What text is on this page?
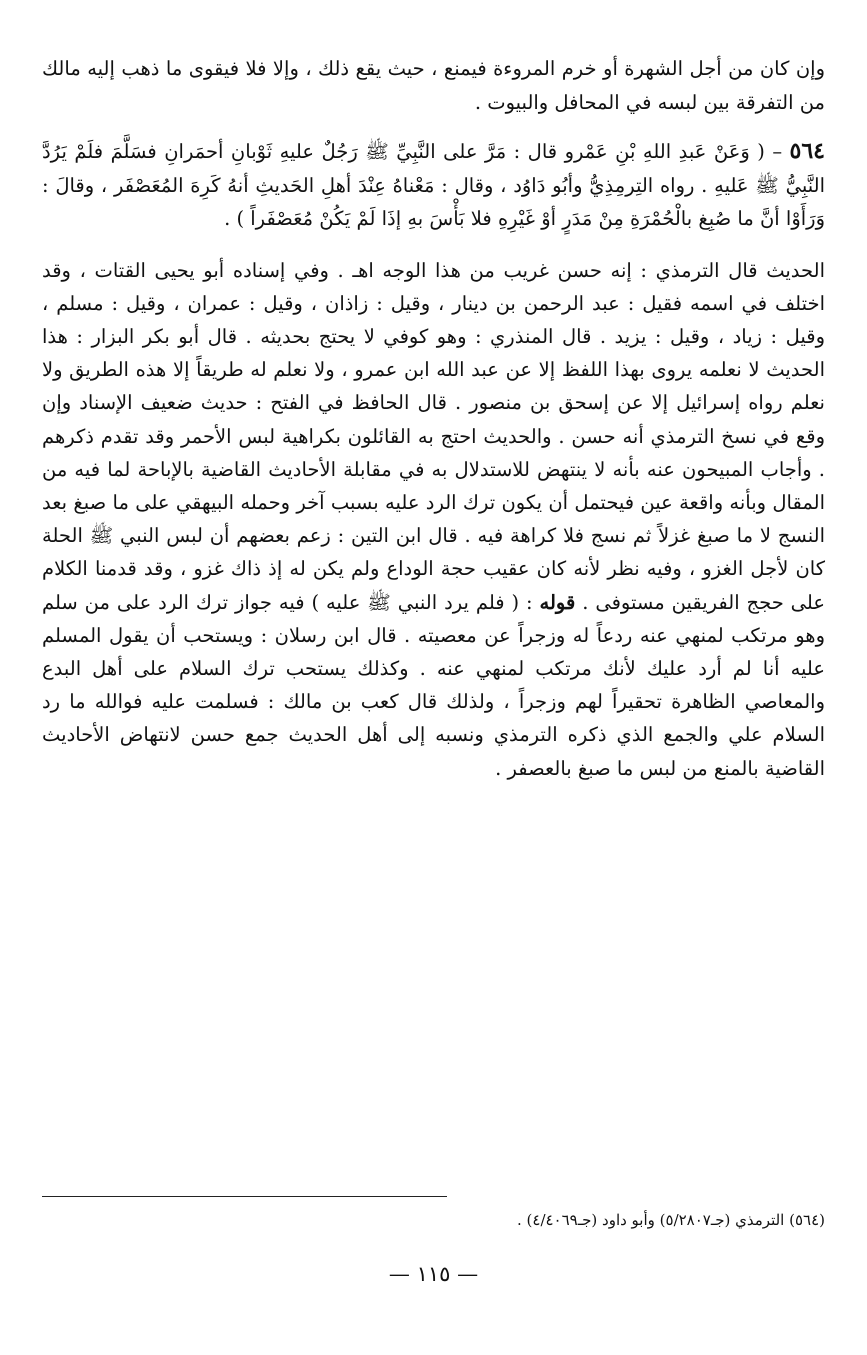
وإن كان من أجل الشهرة أو خرم المروءة فيمنع ، حيث يقع ذلك ، وإلا فلا فيقوى ما ذهب إليه مالك من التفرقة بين لبسه في المحافل والبيوت .

٥٦٤ – ( وَعَنْ عَبدِ اللهِ بْنِ عَمْرو قال : مَرَّ على النَّبِيِّ ﷺ رَجُلٌ عليهِ ثَوْبانِ أحمَرانِ فسَلَّمَ فلَمْ يَرُدَّ النَّبِيُّ ﷺ عَليهِ . رواه التِرمِذِيُّ وأبُو دَاوُد ، وقال : مَعْناهُ عِنْدَ أهلِ الحَديثِ أنهُ كَرِهَ المُعَصْفَر ، وقالَ : وَرَأَوْا أنَّ ما صُبِغ بالْحُمْرَةِ مِنْ مَدَرٍ أوْ غَيْرِهِ فلا بَأْسَ بهِ إذَا لَمْ يَكُنْ مُعَصْفَراً ) .

الحديث قال الترمذي : إنه حسن غريب من هذا الوجه اهـ . وفي إسناده أبو يحيى القتات ، وقد اختلف في اسمه فقيل : عبد الرحمن بن دينار ، وقيل : زاذان ، وقيل : عمران ، وقيل : مسلم ، وقيل : زياد ، وقيل : يزيد . قال المنذري : وهو كوفي لا يحتج بحديثه . قال أبو بكر البزار : هذا الحديث لا نعلمه يروى بهذا اللفظ إلا عن عبد الله ابن عمرو ، ولا نعلم له طريقاً إلا هذه الطريق ولا نعلم رواه إسرائيل إلا عن إسحق بن منصور . قال الحافظ في الفتح : حديث ضعيف الإسناد وإن وقع في نسخ الترمذي أنه حسن . والحديث احتج به القائلون بكراهية لبس الأحمر وقد تقدم ذكرهم . وأجاب المبيحون عنه بأنه لا ينتهض للاستدلال به في مقابلة الأحاديث القاضية بالإباحة لما فيه من المقال وبأنه واقعة عين فيحتمل أن يكون ترك الرد عليه بسبب آخر وحمله البيهقي على ما صبغ بعد النسج لا ما صبغ غزلاً ثم نسج فلا كراهة فيه . قال ابن التين : زعم بعضهم أن لبس النبي ﷺ الحلة كان لأجل الغزو ، وفيه نظر لأنه كان عقيب حجة الوداع ولم يكن له إذ ذاك غزو ، وقد قدمنا الكلام على حجج الفريقين مستوفى . قوله : ( فلم يرد النبي ﷺ عليه ) فيه جواز ترك الرد على من سلم وهو مرتكب لمنهي عنه ردعاً له وزجراً عن معصيته . قال ابن رسلان : ويستحب أن يقول المسلم عليه أنا لم أرد عليك لأنك مرتكب لمنهي عنه . وكذلك يستحب ترك السلام على أهل البدع والمعاصي الظاهرة تحقيراً لهم وزجراً ، ولذلك قال كعب بن مالك : فسلمت عليه فوالله ما رد السلام علي والجمع الذي ذكره الترمذي ونسبه إلى أهل الحديث جمع حسن لانتهاض الأحاديث القاضية بالمنع من لبس ما صبغ بالعصفر .

(٥٦٤) الترمذي (جـ٥/٢٨٠٧) وأبو داود (جـ٤/٤٠٦٩) .
— ١١٥ —
